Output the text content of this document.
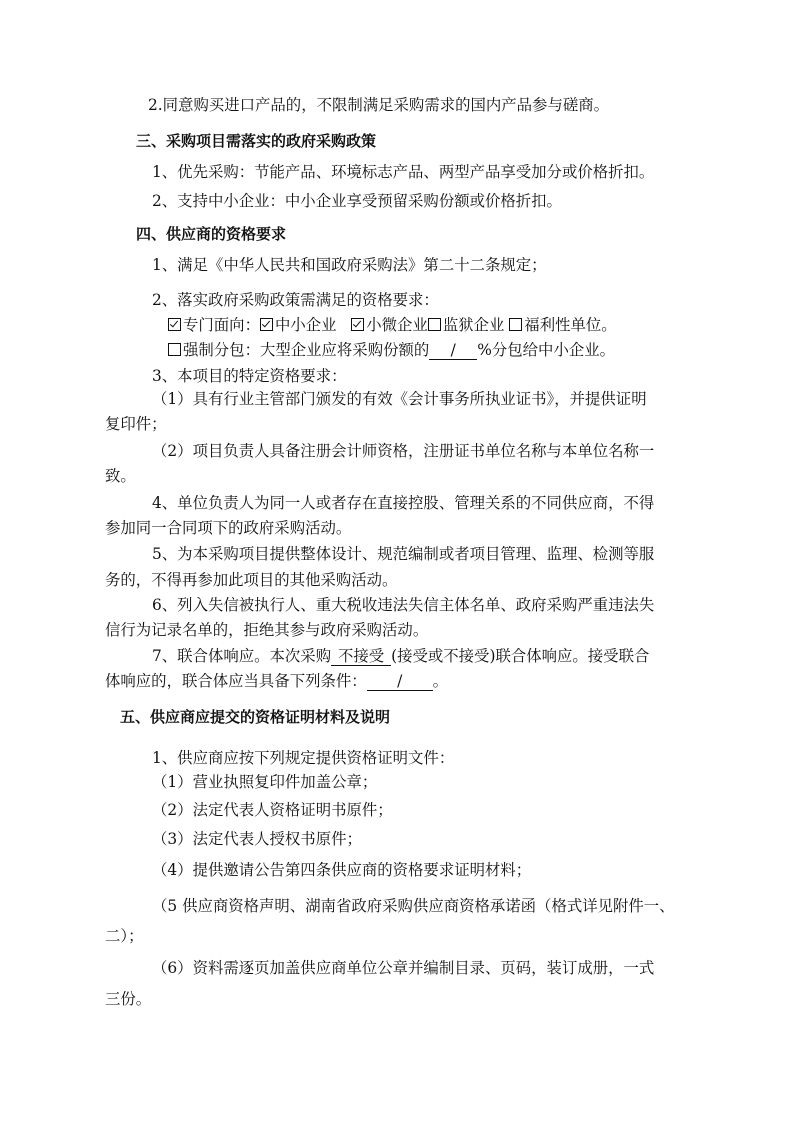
2.同意购买进口产品的，不限制满足采购需求的国内产品参与磋商。
三、采购项目需落实的政府采购政策
1、优先采购：节能产品、环境标志产品、两型产品享受加分或价格折扣。
2、支持中小企业：中小企业享受预留采购份额或价格折扣。
四、供应商的资格要求
1、满足《中华人民共和国政府采购法》第二十二条规定；
2、落实政府采购政策需满足的资格要求：
专门面向： 中小企业 小微企业 监狱企业 福利性单位。
强制分包：大型企业应将采购份额的 / %分包给中小企业。
3、本项目的特定资格要求：
（1）具有行业主管部门颁发的有效《会计事务所执业证书》，并提供证明
复印件；
（2）项目负责人具备注册会计师资格，注册证书单位名称与本单位名称一
致。
4、单位负责人为同一人或者存在直接控股、管理关系的不同供应商，不得
参加同一合同项下的政府采购活动。
5、为本采购项目提供整体设计、规范编制或者项目管理、监理、检测等服
务的，不得再参加此项目的其他采购活动。
6、列入失信被执行人、重大税收违法失信主体名单、政府采购严重违法失
信行为记录名单的，拒绝其参与政府采购活动。
7、联合体响应。本次采购 不接受 (接受或不接受)联合体响应。接受联合
体响应的，联合体应当具备下列条件： / 。
五、供应商应提交的资格证明材料及说明
1、供应商应按下列规定提供资格证明文件：
（1）营业执照复印件加盖公章；
（2）法定代表人资格证明书原件；
（3）法定代表人授权书原件；
（4）提供邀请公告第四条供应商的资格要求证明材料；
（5 供应商资格声明、湖南省政府采购供应商资格承诺函（格式详见附件一、
二）；
（6）资料需逐页加盖供应商单位公章并编制目录、页码，装订成册，一式
三份。
